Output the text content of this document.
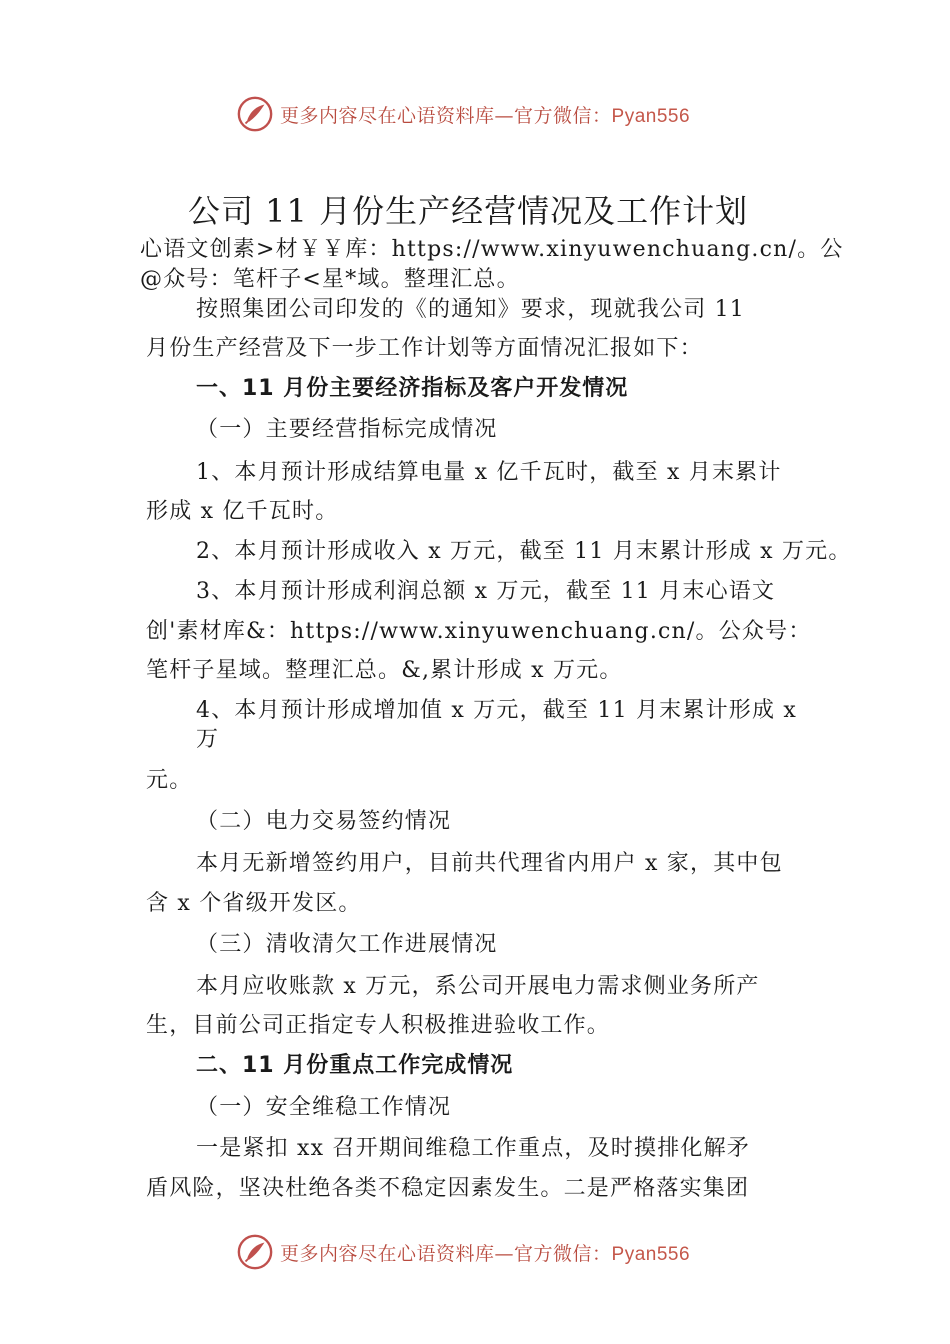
更多内容尽在心语资料库—官方微信：Pyan556
公司 11 月份生产经营情况及工作计划
心语文创素>材￥￥库：https://www.xinyuwenchuang.cn/。公
@众号：笔杆子<星*域。整理汇总。
按照集团公司印发的《的通知》要求，现就我公司 11
月份生产经营及下一步工作计划等方面情况汇报如下：
一、11 月份主要经济指标及客户开发情况
（一）主要经营指标完成情况
1、本月预计形成结算电量 x 亿千瓦时，截至 x 月末累计
形成 x 亿千瓦时。
2、本月预计形成收入 x 万元，截至 11 月末累计形成 x 万元。
3、本月预计形成利润总额 x 万元，截至 11 月末心语文
创'素材库&：https://www.xinyuwenchuang.cn/。公众号：
笔杆子星域。整理汇总。&,累计形成 x 万元。
4、本月预计形成增加值 x 万元，截至 11 月末累计形成 x
万
元。
（二）电力交易签约情况
本月无新增签约用户，目前共代理省内用户 x 家，其中包
含 x 个省级开发区。
（三）清收清欠工作进展情况
本月应收账款 x 万元，系公司开展电力需求侧业务所产
生，目前公司正指定专人积极推进验收工作。
二、11 月份重点工作完成情况
（一）安全维稳工作情况
一是紧扣 xx 召开期间维稳工作重点，及时摸排化解矛
盾风险，坚决杜绝各类不稳定因素发生。二是严格落实集团
更多内容尽在心语资料库—官方微信：Pyan556
